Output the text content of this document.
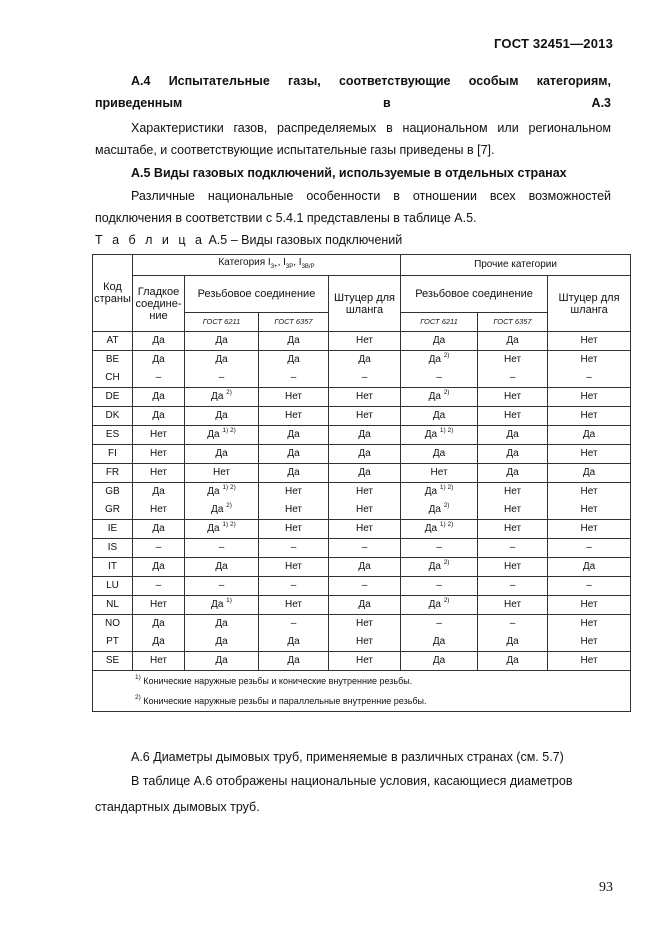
ГОСТ 32451—2013
А.4 Испытательные газы, соответствующие особым категориям, приведенным в А.3
Характеристики газов, распределяемых в национальном или региональном масштабе, и соответствующие испытательные газы приведены в [7].
А.5 Виды газовых подключений, используемые в отдельных странах
Различные национальные особенности в отношении всех возможностей подключения в соответствии с 5.4.1 представлены в таблице А.5.
Т а б л и ц а А.5 – Виды газовых подключений
Код страны	Категория $I_{3+}$, $I_{3P}$, $I_{3B/P}$				Прочие категории		
	Гладкое соедине-ние	Резьбовое соединение		Штуцер для шланга	Резьбовое соединение		Штуцер для шланга
		ГОСТ 6211	ГОСТ 6357		ГОСТ 6211	ГОСТ 6357	
AT	Да	Да	Да	Нет	Да	Да	Нет
BE	Да	Да	Да	Да	Да $^{2)}$	Нет	Нет
CH	–	–	–	–	–	–	–
DE	Да	Да $^{2)}$	Нет	Нет	Да $^{2)}$	Нет	Нет
DK	Да	Да	Нет	Нет	Да	Нет	Нет
ES	Нет	Да $^{1) 2)}$	Да	Да	Да $^{1) 2)}$	Да	Да
FI	Нет	Да	Да	Да	Да	Да	Нет
FR	Нет	Нет	Да	Да	Нет	Да	Да
GB	Да	Да $^{1) 2)}$	Нет	Нет	Да $^{1) 2)}$	Нет	Нет
GR	Нет	Да $^{2)}$	Нет	Нет	Да $^{2)}$	Нет	Нет
IE	Да	Да $^{1) 2)}$	Нет	Нет	Да $^{1) 2)}$	Нет	Нет
IS	–	–	–	–	–	–	–
IT	Да	Да	Нет	Да	Да $^{2)}$	Нет	Да
LU	–	–	–	–	–	–	–
NL	Нет	Да $^{1)}$	Нет	Да	Да $^{2)}$	Нет	Нет
NO	Да	Да	–	Нет	–	–	Нет
PT	Да	Да	Да	Нет	Да	Да	Нет
SE	Нет	Да	Да	Нет	Да	Да	Нет

$^{1)}$ Конические наружные резьбы и конические внутренние резьбы.
$^{2)}$ Конические наружные резьбы и параллельные внутренние резьбы.							
А.6 Диаметры дымовых труб, применяемые в различных странах (см. 5.7)
В таблице А.6 отображены национальные условия, касающиеся диаметров стандартных дымовых труб.
93
